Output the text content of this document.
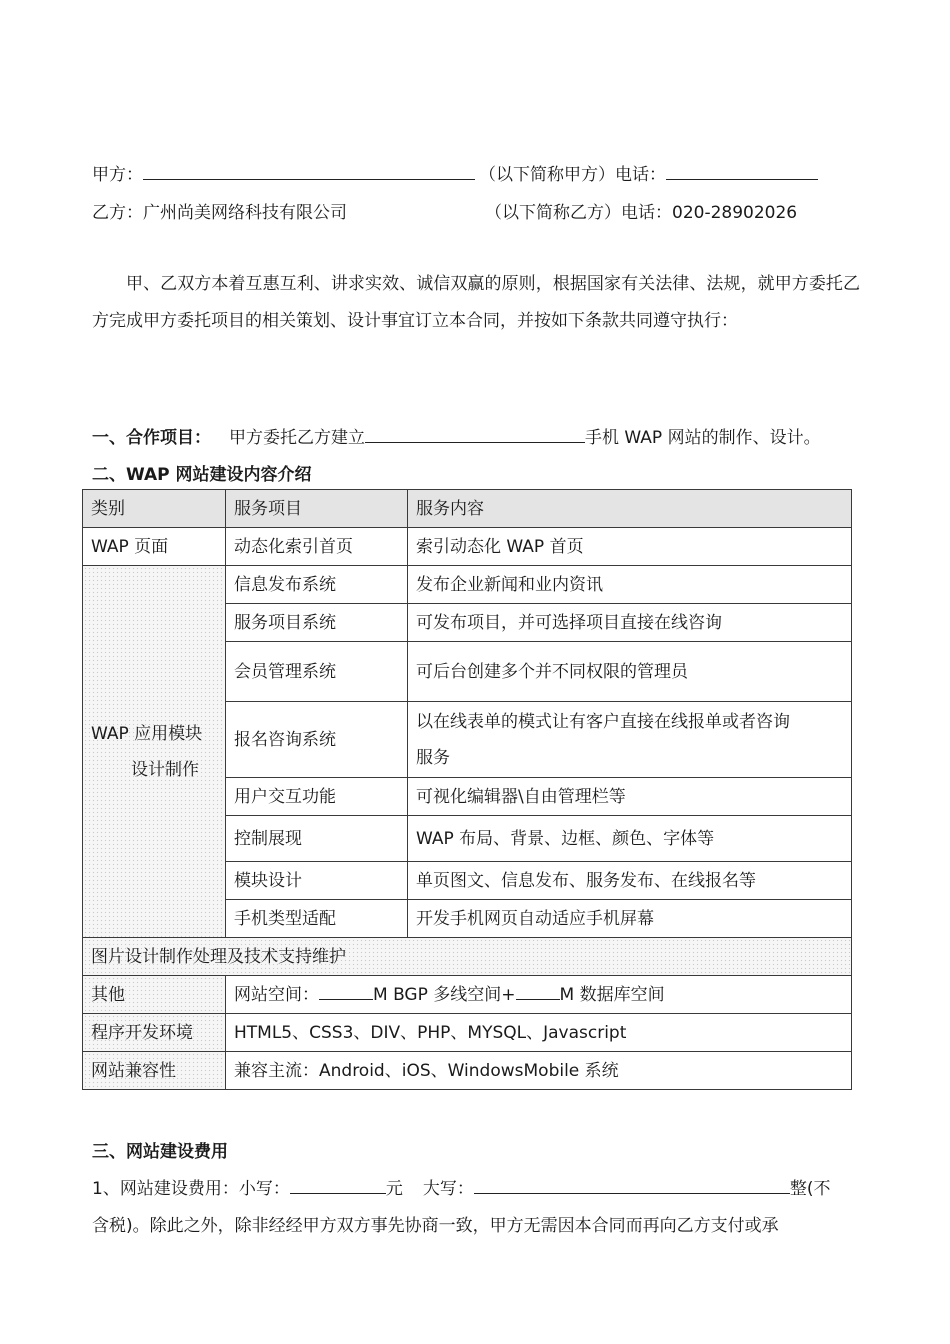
甲方：	（以下简称甲方）电话：
乙方：广州尚美网络科技有限公司	（以下简称乙方）电话：020-28902026
甲、乙双方本着互惠互利、讲求实效、诚信双赢的原则，根据国家有关法律、法规，就甲方委托乙方完成甲方委托项目的相关策划、设计事宜订立本合同，并按如下条款共同遵守执行：
一、合作项目： 甲方委托乙方建立	手机 WAP 网站的制作、设计。
二、WAP 网站建设内容介绍
类别	服务项目	服务内容
WAP 页面	动态化索引首页	索引动态化 WAP 首页

WAP 应用模块
设计制作	信息发布系统	发布企业新闻和业内资讯
	服务项目系统	可发布项目，并可选择项目直接在线咨询
	会员管理系统	可后台创建多个并不同权限的管理员
	报名咨询系统	以在线表单的模式让有客户直接在线报单或者咨询
服务

	用户交互功能	可视化编辑器\自由管理栏等
	控制展现	WAP 布局、背景、边框、颜色、字体等
	模块设计	单页图文、信息发布、服务发布、在线报名等
	手机类型适配	开发手机网页自动适应手机屏幕
图片设计制作处理及技术支持维护		
其他	网站空间： M BGP 多线空间+ M 数据库空间	
程序开发环境	HTML5、CSS3、DIV、PHP、MYSQL、Javascript	
网站兼容性	兼容主流：Android、iOS、WindowsMobile 系统	
三、网站建设费用
1、网站建设费用：小写：	元 大写：	整(不
含税)。除此之外，除非经经甲方双方事先协商一致，甲方无需因本合同而再向乙方支付或承
